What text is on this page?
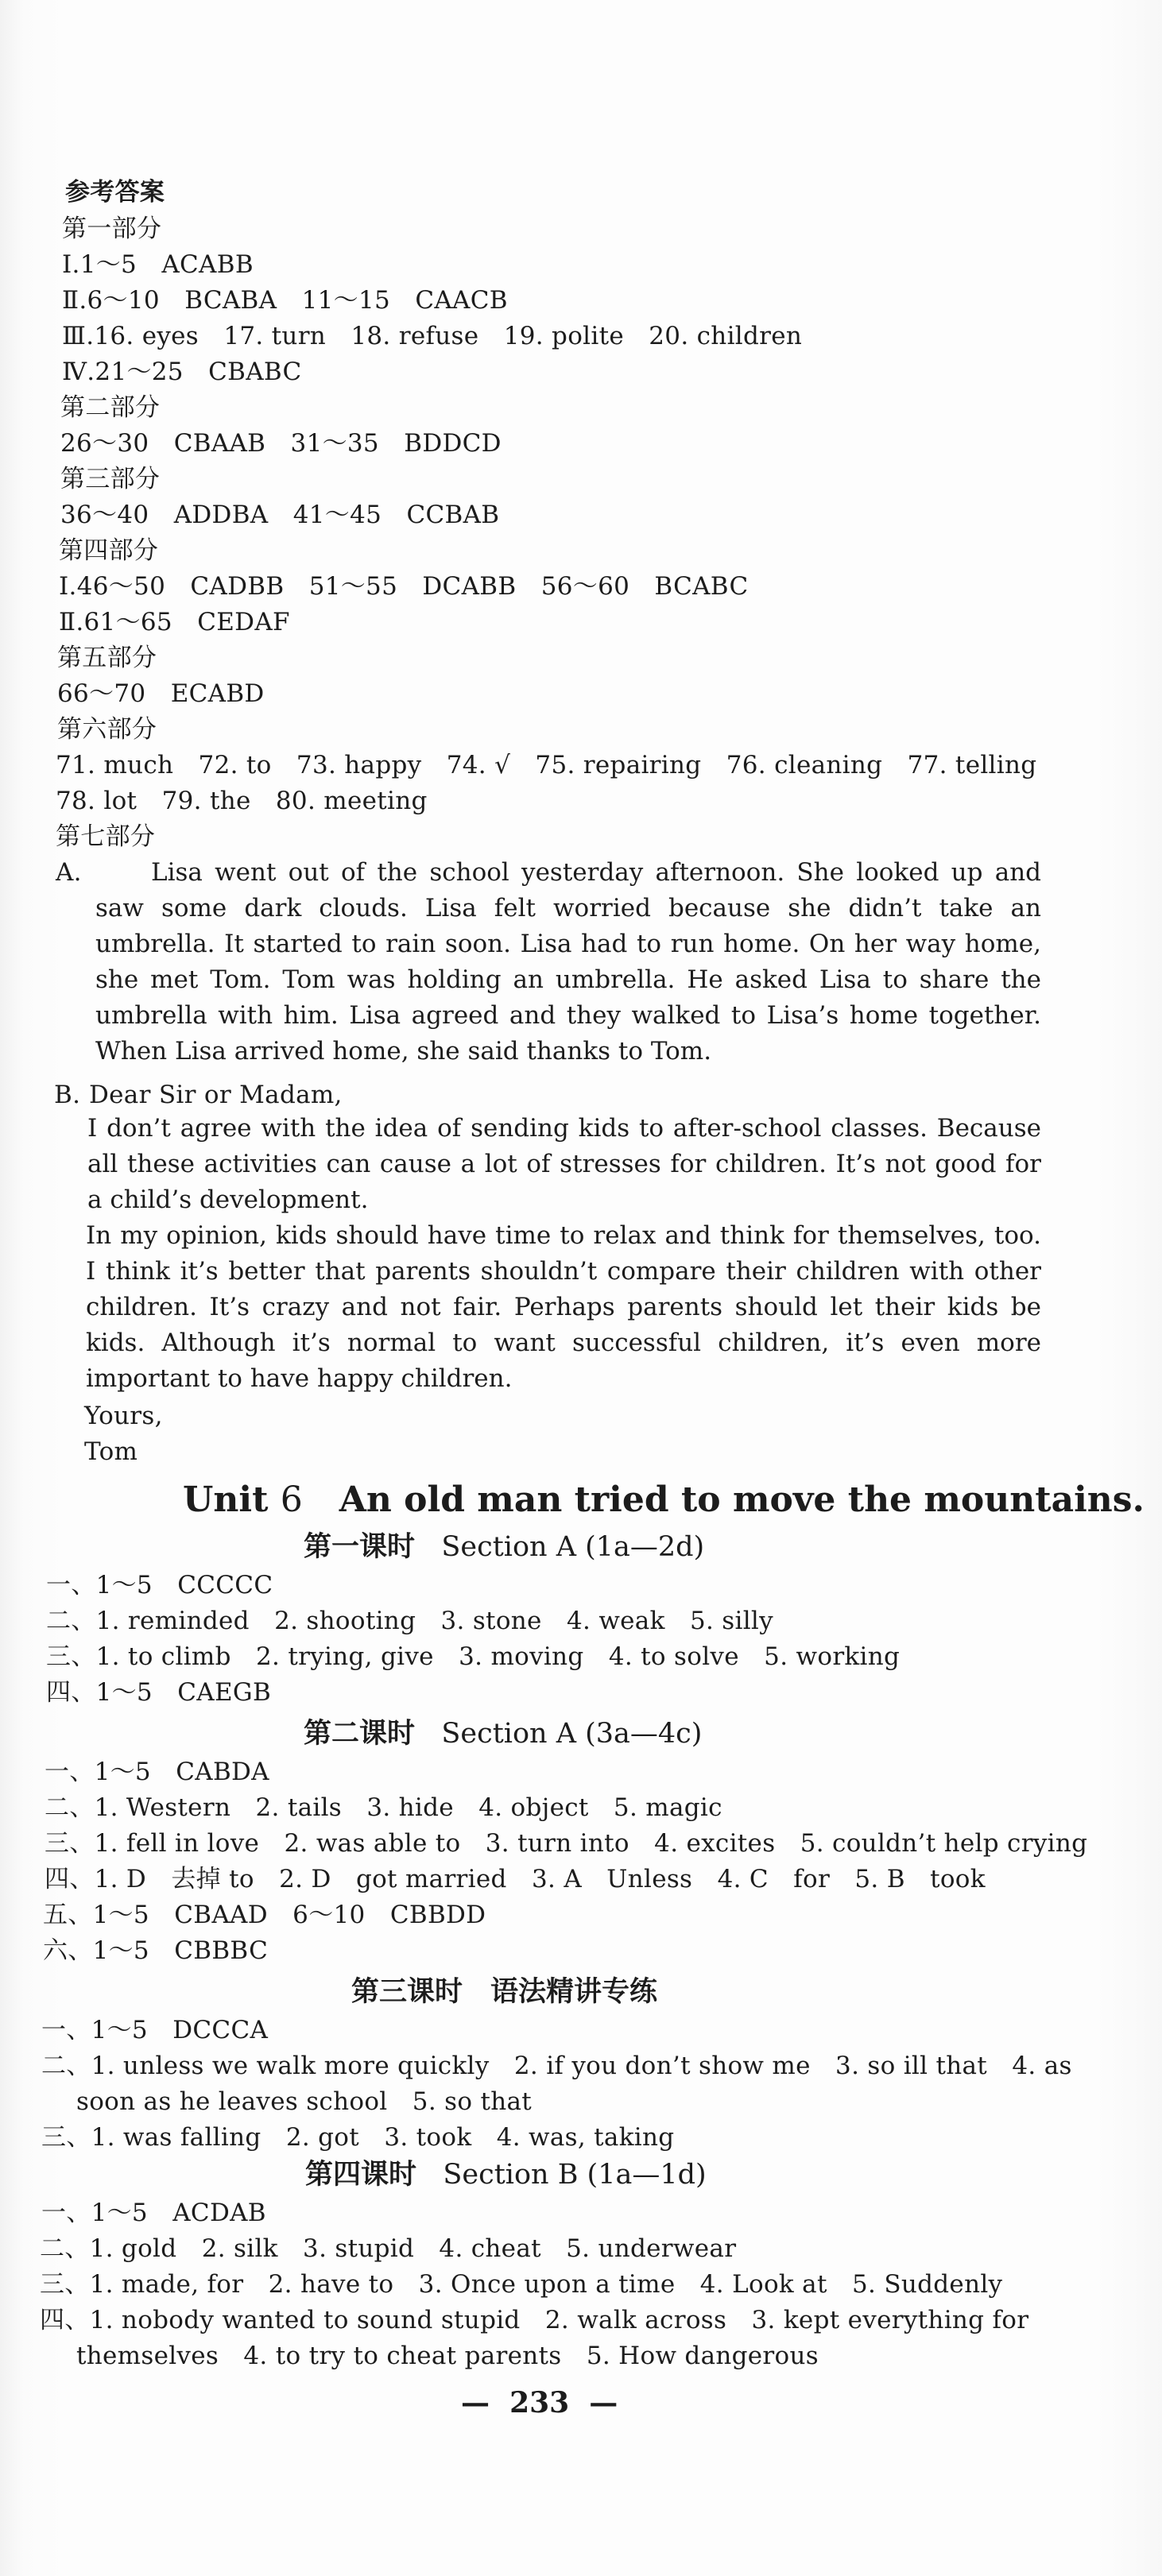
参考答案
第一部分
Ⅰ.1～5　ACABB
Ⅱ.6～10　BCABA　11～15　CAACB
Ⅲ.16. eyes　17. turn　18. refuse　19. polite　20. children
Ⅳ.21～25　CBABC
第二部分
26～30　CBAAB　31～35　BDDCD
第三部分
36～40　ADDBA　41～45　CCBAB
第四部分
Ⅰ.46～50　CADBB　51～55　DCABB　56～60　BCABC
Ⅱ.61～65　CEDAF
第五部分
66～70　ECABD
第六部分
71. much　72. to　73. happy　74. √　75. repairing　76. cleaning　77. telling
78. lot　79. the　80. meeting
第七部分
A.	Lisa went out of the school yesterday afternoon. She looked up and saw some dark clouds. Lisa felt worried because she didn’t take an umbrella. It started to rain soon. Lisa had to run home. On her way home, she met Tom. Tom was holding an umbrella. He asked Lisa to share the umbrella with him. Lisa agreed and they walked to Lisa’s home together. When Lisa arrived home, she said thanks to Tom.
B. Dear Sir or Madam,
I don’t agree with the idea of sending kids to after-school classes. Because all these activities can cause a lot of stresses for children. It’s not good for a child’s development.
In my opinion, kids should have time to relax and think for themselves, too. I think it’s better that parents shouldn’t compare their children with other children. It’s crazy and not fair. Perhaps parents should let their kids be kids. Although it’s normal to want successful children, it’s even more important to have happy children.
Yours,
Tom
Unit 6 An old man tried to move the mountains.
第一课时 Section A (1a—2d)
一、1～5　CCCCC
二、1. reminded　2. shooting　3. stone　4. weak　5. silly
三、1. to climb　2. trying, give　3. moving　4. to solve　5. working
四、1～5　CAEGB
第二课时 Section A (3a—4c)
一、1～5　CABDA
二、1. Western　2. tails　3. hide　4. object　5. magic
三、1. fell in love　2. was able to　3. turn into　4. excites　5. couldn’t help crying
四、1. D　去掉 to　2. D　got married　3. A　Unless　4. C　for　5. B　took
五、1～5　CBAAD　6～10　CBBDD
六、1～5　CBBBC
第三课时　语法精讲专练
一、1～5　DCCCA
二、1. unless we walk more quickly　2. if you don’t show me　3. so ill that　4. as
soon as he leaves school　5. so that
三、1. was falling　2. got　3. took　4. was, taking
第四课时 Section B (1a—1d)
一、1～5　ACDAB
二、1. gold　2. silk　3. stupid　4. cheat　5. underwear
三、1. made, for　2. have to　3. Once upon a time　4. Look at　5. Suddenly
四、1. nobody wanted to sound stupid　2. walk across　3. kept everything for
themselves　4. to try to cheat parents　5. How dangerous
—  233  —
